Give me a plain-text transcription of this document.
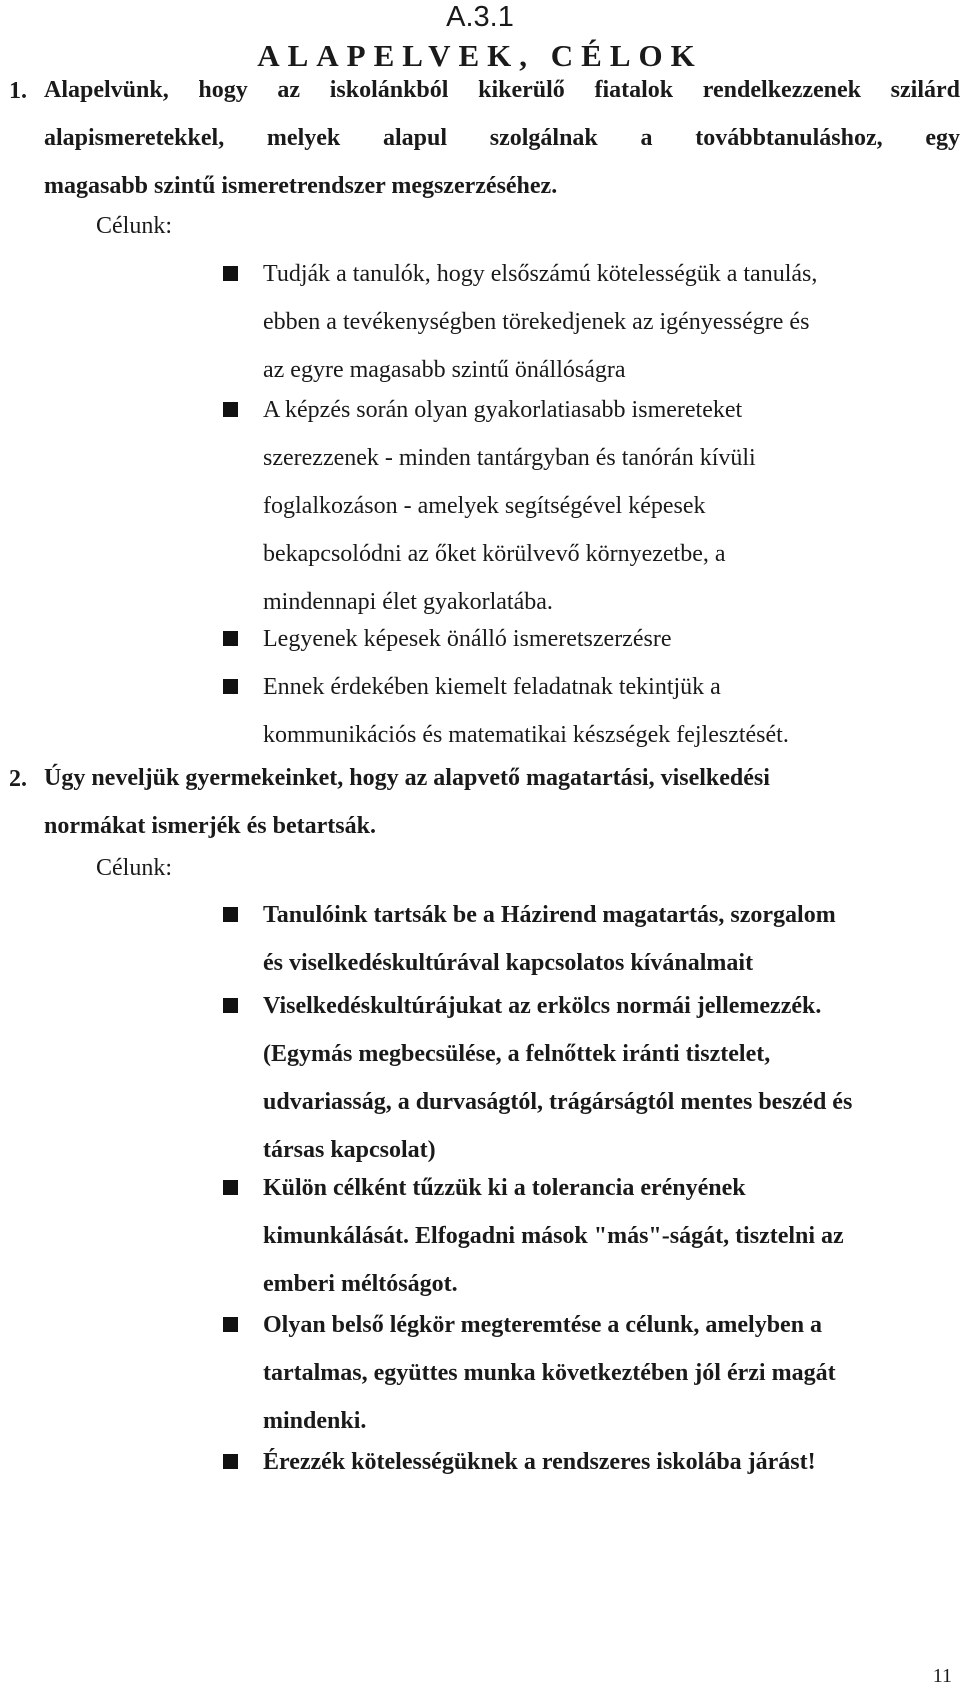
A.3.1
ALAPELVEK, CÉLOK
1. Alapelvünk, hogy az iskolánkból kikerülő fiatalok rendelkezzenek szilárd
alapismeretekkel, melyek alapul szolgálnak a továbbtanuláshoz, egy
magasabb szintű ismeretrendszer megszerzéséhez.
Célunk:
Tudják a tanulók, hogy elsőszámú kötelességük a tanulás,
ebben a tevékenységben törekedjenek az igényességre és
az egyre magasabb szintű önállóságra
A képzés során olyan gyakorlatiasabb ismereteket
szerezzenek - minden tantárgyban és tanórán kívüli
foglalkozáson - amelyek segítségével képesek
bekapcsolódni az őket körülvevő környezetbe, a
mindennapi élet gyakorlatába.
Legyenek képesek önálló ismeretszerzésre
Ennek érdekében kiemelt feladatnak tekintjük a
kommunikációs és matematikai készségek fejlesztését.
2. Úgy neveljük gyermekeinket, hogy az alapvető magatartási, viselkedési
normákat ismerjék és betartsák.
Célunk:
Tanulóink tartsák be a Házirend magatartás, szorgalom
és viselkedéskultúrával kapcsolatos kívánalmait
Viselkedéskultúrájukat az erkölcs normái jellemezzék.
(Egymás megbecsülése, a felnőttek iránti tisztelet,
udvariasság, a durvaságtól, trágárságtól mentes beszéd és
társas kapcsolat)
Külön célként tűzzük ki a tolerancia erényének
kimunkálását. Elfogadni mások "más"-ságát, tisztelni az
emberi méltóságot.
Olyan belső légkör megteremtése a célunk, amelyben a
tartalmas, együttes munka következtében jól érzi magát
mindenki.
Érezzék kötelességüknek a rendszeres iskolába járást!
11
